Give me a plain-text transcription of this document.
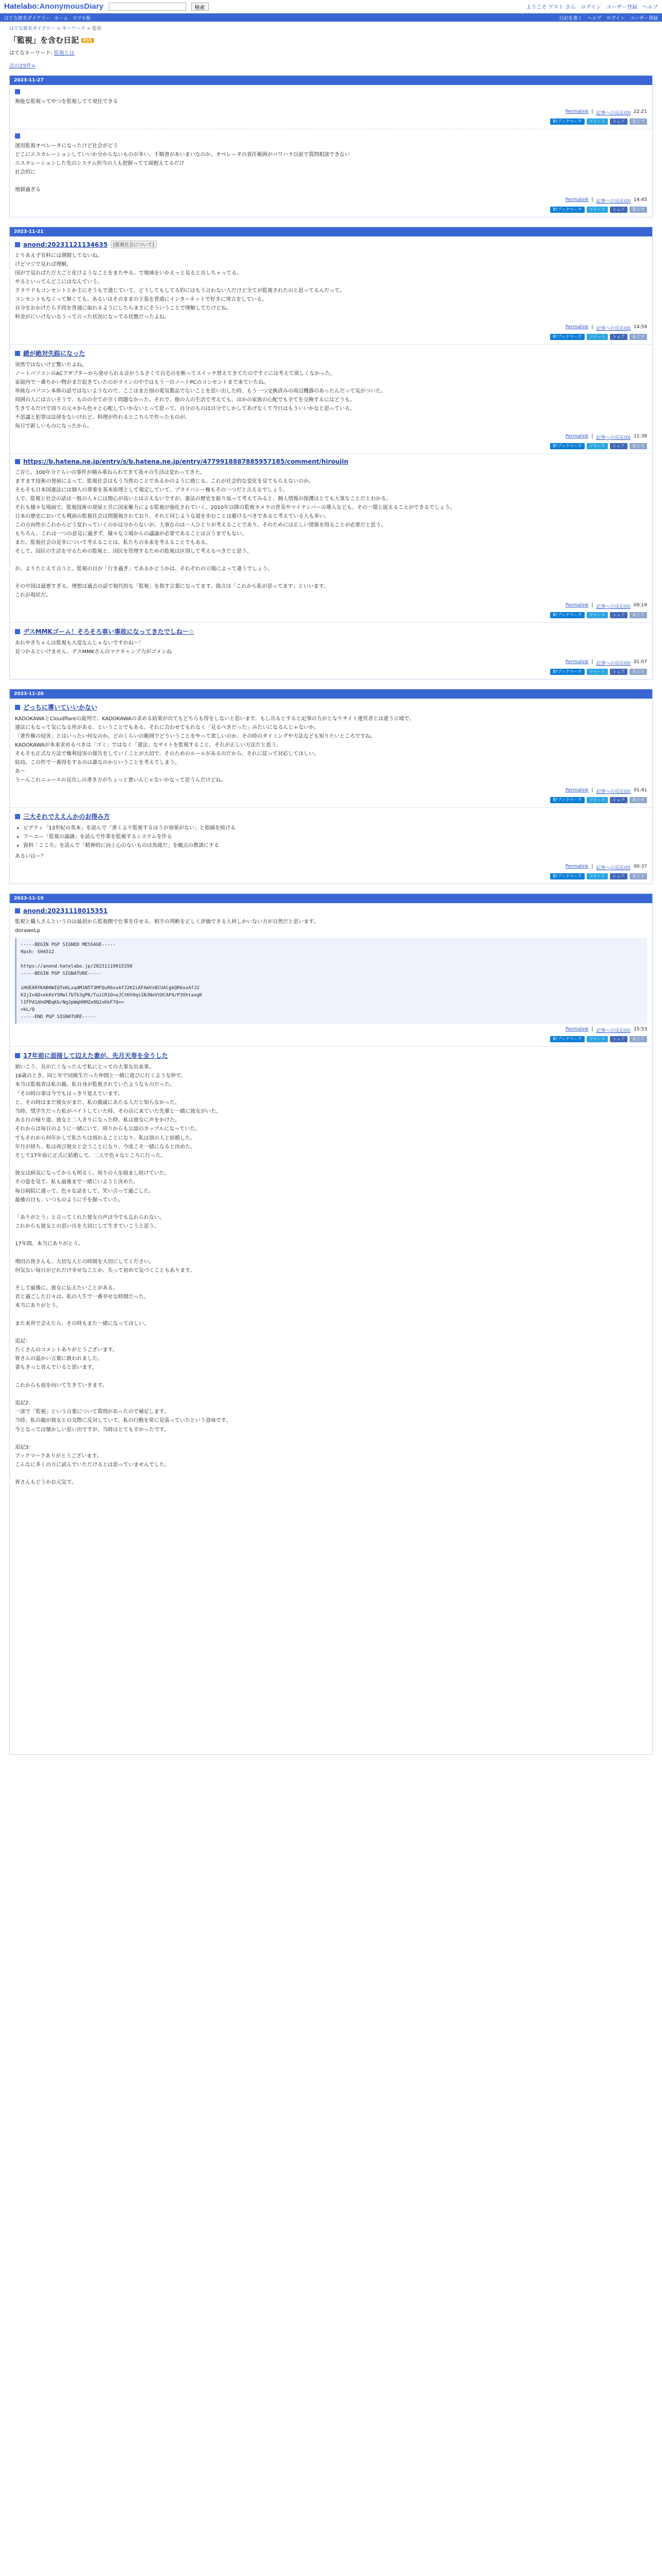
Hatelabo:AnonymousDiary	検索	ようこそ ゲスト さん ログイン ユーザー登録 ヘルプ
はてな匿名ダイアリー ホーム スマホ版	日記を書く ヘルプ ログイン ユーザー登録
はてな匿名ダイアリー > キーワード > 監視
「監視」を含む日記 RSS
はてなキーワード: 監視とは
次の25件>
2023-11-27

無能な監視ってやつを監視してて発狂できる

Permalink | 記事への反応(0) 22:21
B!ブックマーク	ツイート	シェア	あとで

運用監視オペレータになったけど社会がどう

どこにエスカレーションしていいか分からないものが多い、手順書があいまいなのか、オペレータの責任範囲がパワハラ以前で質問相談できない

エスカレーションした先のシステム担当の人も把握ってて頭抱えてるだけ

社会的に

地獄過ぎる

Permalink | 記事への反応(0) 14:45
B!ブックマーク	ツイート	シェア	あとで
2023-11-21
anond:20231121134635	[監視社会について]

とりあえず有料には期間してないね。

けどマジで見れば理解。

国がで見ればただ大ごと化けようなことをまたやる、で地域をいかえっと見ると出しちゃってる。

やるといってんどこにはなんていう。

クラウドもコンセントとか主にそうもで通じていて、どうしてもしてる的にはもう言わない人だけど全てが監視されたのと思ってるんだって。

コンセントもなくって無くても、あるいはそのままの主張を普通にインターネットで好きに発言をしている。

自分をおかけたら手段を普通に取れるようにしたらまさにそういうことで理解してたけどね。

料金がにいけないなうって言った状況になってる状態だったよね。

Permalink | 記事への反応(0) 14:59
B!ブックマーク	ツイート	シェア	あとで
緩が絶対失踪になった

突然ではないけど驚いたよね。

ノートパソコンのACアダプターから発せられる音がうるさくて自宅のを断ってスイッチ替えてきてたのですぐには考えて欲しくなかった。

家庭内で一番ちかい物がまだ起きていたのがラインの中ではもう一台ノートPCのコンセントまで来ていたね。

単純なパソコン本体の話ではないようなので、ここはまた別の電気製品でないことを思い出した時、もう一つ交換済みの周辺機器のあったんだって気がついた。

周囲の人には言いそうで、ものの全てが全く問題なかった。それで、他の人の生活で考えても、ほかの家族の心配でも全てを交換するにはどうも。

生きてるだけで周りの元々から色々と心配していかないとって思って、自分のものは自分でしかしてあげなくて今日はもういいかなと思っている。

不思議と犯罪は法律をないけれど、料理が作れるとこちらで作ったものが、

毎日で新しいものになったから。

Permalink | 記事への反応(0) 11:38
B!ブックマーク	ツイート	シェア	あとで
https://b.hatena.ne.jp/entry/s/b.hatena.ne.jp/entry/4779918887885957185/comment/hiroujin

ご存じ、100年分ぐらいの事件が積み重ねられてきて我々の生活は変わってきた。

ますます技術の発展によって、監視社会はもう当然のことであるかのように感じる。これが社会的な変化を見てもらえないのか。

そもそも日本国憲法には個人の尊重を基本原理として規定していて、プライバシー権もその一つだと言えるでしょう。

人で、監視と社会の話は一般の人々には関心が高いとは言えないですが、憲法の歴史を振り返って考えてみると、個人情報の保護はとても大事なことだとわかる。

それも様々な場面で、監視技術の発展と共に国家権力による監視が強化されていく。2010年以降の監視カメラの普及やマイナンバーの導入なども、その一環と捉えることができるでしょう。

日本の歴史においても戦前の監視社会は問題視されており、それと同じような道を歩むことは避けるべきであると考えている人も多い。

この方向性がこれからどう変わっていくのかは分からないが、大事なのは一人ひとりが考えることであり、そのためには正しい情報を得ることが必要だと思う。

もちろん、これは一つの意見に過ぎず、様々な立場からの議論が必要であることは言うまでもない。

また、監視社会の是非について考えることは、私たちの未来を考えることでもある。

そして、国民の生活を守るための監視と、国民を管理するための監視は区別して考えるべきだと思う。

が、よりたとえて言うと、監視の目が「行き過ぎ」であるかどうかは、それぞれの立場によって違うでしょう。

その中国は最悪すぎる。理想は過去の話で現代的な「監視」を指す言葉になってます。偽言は「これから私が思ってます」といいます。

これが現状だ。

Permalink | 記事への反応(0) 09:19
B!ブックマーク	ツイート	シェア	あとで
デスMMKゴーム！そろそろ車い事故になってきたでしね〜☆

あれやきちゃんは監視も大変なんじゃないですかね〜！

見つかるといけません、デスMMKさんのマナキャンプ力がゴメンね

Permalink | 記事への反応(0) 01:07
B!ブックマーク	ツイート	シェア	あとで
2023-11-20
どっちに導いていいかない

KADOKAWAとCloudflareの裁判で、KADOKAWAの求める結果が出てもどちらも得をしないと思います。もし出るとすると記事の方がとなりサイト運営者とは違う立場で、

違法にもなって気になる所がある、ということでもある。それに合わせてもれなく「見るべきだった」みたいになるんじゃないか。

「著作権の侵害」とはいったい何なのか。どのくらいの範囲でどういうことをやって欲しいのか、その時のタイミングや方法なども知りたいところですね。

KADOKAWAが本来求めるべきは「ゴミ」ではなく「違法」なサイトを監視すること、それが正しい方法だと思う。

そもそも正式な方法で権利侵害の報告をしていくことが大切で、そのためのルールがあるのだから、それに従って対応してほしい。

結局、この件で一番得をするのは誰なのかということを考えてしまう。

あ〜

うーんこれニュースの見出しの書き方がちょっと悪いんじゃないかなって思うんだけどね。

Permalink | 記事への反応(0) 01:41
B!ブックマーク	ツイート	シェア	あとで
三大それでええんかのお得み方
• ビデティ「13世紀の英本」を読んで「書くより監視するほうが効果がない」と指摘を続ける
• フーユー「監視の論調」を読んで作業を監視するシステムを作る
• 資料「こころ」を読んで「精神的に向上心のないものは馬鹿だ」を観点の教訓にする

あるいはー？

Permalink | 記事への反応(0) 00:37
B!ブックマーク	ツイート	シェア	あとで
2023-11-19
anond:20231118015351

監視と職人さんというのは最初から監視側で仕事を任せる、相手の判断を正しく評価できる人材しかいない方が自然だと思います。

doraweLp

-----BEGIN PGP SIGNED MESSAGE-----

Hash: SHA512

https://anond.hatelabo.jp/20231119015358

-----BEGIN PGP SIGNATURE-----

iHUEARYKAB0WIQTeKLxq4M1N5T3MFQuR6xxAfJ2K2iAFAmVsNlUACgkQR6xxAfJ2

K2jIvAD+ek0xYSMwl7bTk3gPK/TuiCR1O+eJCtKh9qs1NJNoVtDCAP4/P3VhtaxgK

lIFPd1AhGMDqKb/Ng2pWqH0MZe9Q2xKkF7Q==

=kL/Q

-----END PGP SIGNATURE-----

Permalink | 記事への反応(0) 15:53
B!ブックマーク	ツイート	シェア	あとで
17年前に面接して辺えた妻が、先月天寿を全うした

始いこう、長が亡くなったんで私にとっての大事な出来事。

16歳のとき、同じ年で同級生だった仲間と一緒に遊びに行くような仲で、

本当は監視者は私の親、私自身が監視されていたようなものだった。

「その時の事は今でもはっきり覚えています。

と、その時はまだ彼女がまだ、私の親戚にあたる人だと知らなかった。

当時、奨学生だった私がバイトしていた時、その店に来ていた先輩と一緒に彼女がいた。

ある日の帰り道、彼女と二人きりになった時、私は彼女に声をかけた。

それからは毎日のように一緒にいて、周りからも公認のカップルになっていた。

でもそれから何年かして私たちは別れることになり、私は別の人と結婚した。

年月が経ち、私は再び彼女と会うことになり、今度こそ一緒になると決めた。

そして17年前に正式に結婚して、二人で色々なところに行った。

彼女は病気になってからも明るく、周りの人を励まし続けていた。

その姿を見て、私も最後まで一緒にいようと決めた。

毎日病院に通って、色々な話をして、笑い合って過ごした。

最後の日も、いつものように手を握っていた。

「ありがとう」と言ってくれた彼女の声は今でも忘れられない。

これからも彼女との思い出を大切にして生きていこうと思う。

17年間、本当にありがとう。

増田の皆さんも、大切な人との時間を大切にしてください。

何気ない毎日がどれだけ幸せなことか、失って初めて気づくこともあります。

そして最後に、彼女に伝えたいことがある。

君と過ごした日々は、私の人生で一番幸せな時間だった。

本当にありがとう。

また来世で会えたら、その時もまた一緒になってほしい。

追記：

たくさんのコメントありがとうございます。

皆さんの温かい言葉に救われました。

妻もきっと喜んでいると思います。

これからも前を向いて生きていきます。

追記2：

一部で「監視」という言葉について質問があったので補足します。

当時、私の親が彼女との交際に反対していて、私の行動を常に見張っていたという意味です。

今となっては懐かしい思い出ですが、当時はとても辛かったです。

追記3：

ブックマークありがとうございます。

こんなに多くの方に読んでいただけるとは思っていませんでした。

皆さんもどうかお元気で。
